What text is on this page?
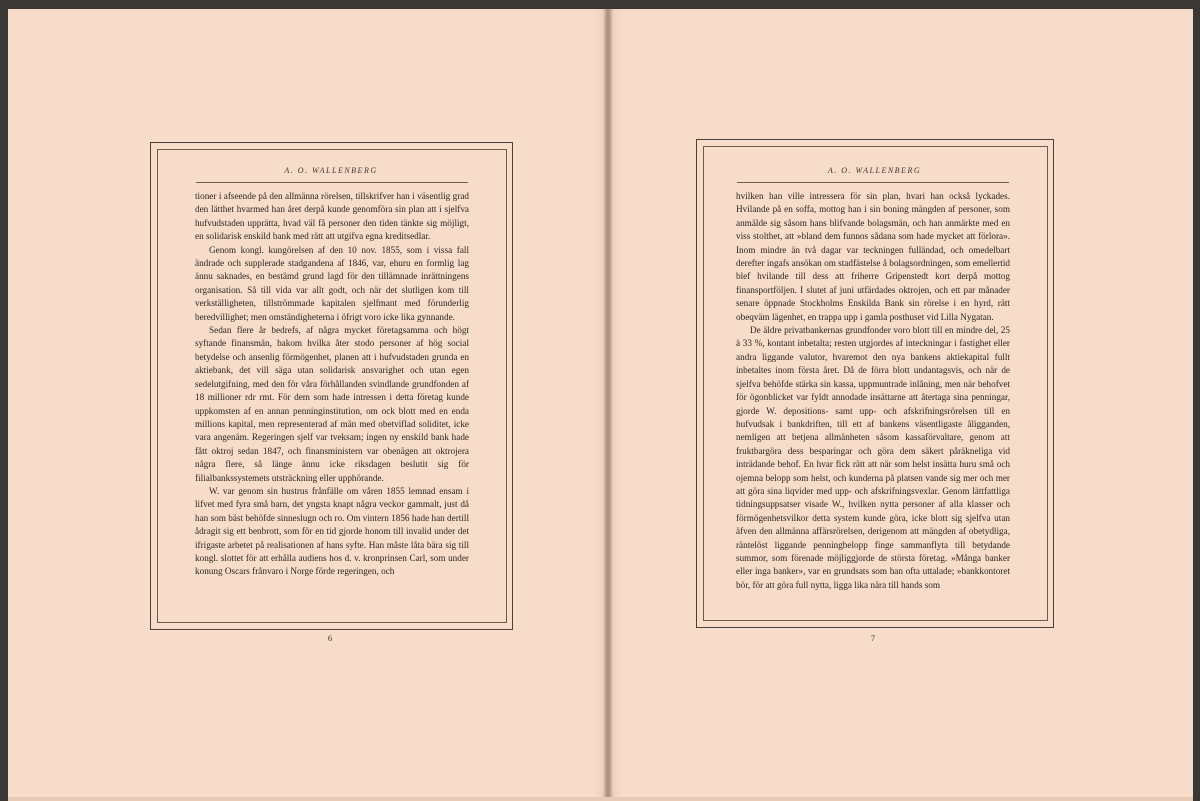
A. O. WALLENBERG

tioner i afseende på den allmänna rörelsen, tillskrifver han i väsentlig grad den lätthet hvarmed han året derpå kunde genomföra sin plan att i sjelfva hufvudstaden upprätta, hvad väl få personer den tiden tänkte sig möjligt, en solidarisk enskild bank med rätt att utgifva egna kreditsedlar.

Genom kongl. kungörelsen af den 10 nov. 1855, som i vissa fall ändrade och supplerade stadgandena af 1846, var, ehuru en formlig lag ännu saknades, en bestämd grund lagd för den tillämnade inrättningens organisation. Så till vida var allt godt, och när det slutligen kom till verkställigheten, tillströmmade kapitalen sjelfmant med förunderlig beredvillighet; men omständigheterna i öfrigt voro icke lika gynnande.

Sedan flere år bedrefs, af några mycket företagsamma och högt syftande finansmän, bakom hvilka åter stodo personer af hög social betydelse och ansenlig förmögenhet, planen att i hufvudstaden grunda en aktiebank, det vill säga utan solidarisk ansvarighet och utan egen sedelutgifning, med den för våra förhållanden svindlande grundfonden af 18 millioner rdr rmt. För dem som hade intressen i detta företag kunde uppkomsten af en annan penninginstitution, om ock blott med en enda millions kapital, men representerad af män med obetviflad soliditet, icke vara angenäm. Regeringen sjelf var tveksam; ingen ny enskild bank hade fått oktroj sedan 1847, och finansministern var obenägen att oktrojera några flere, så länge ännu icke riksdagen beslutit sig för filialbankssystemets utsträckning eller upphörande.

W. var genom sin hustrus frånfälle om våren 1855 lemnad ensam i lifvet med fyra små barn, det yngsta knapt några veckor gammalt, just då han som bäst behöfde sinneslugn och ro. Om vintern 1856 hade han dertill ådragit sig ett benbrott, som för en tid gjorde honom till invalid under det ifrigaste arbetet på realisationen af hans syfte. Han måste låta bära sig till kongl. slottet för att erhålla audiens hos d. v. kronprinsen Carl, som under konung Oscars frånvaro i Norge förde regeringen, och

6
A. O. WALLENBERG

hvilken han ville intressera för sin plan, hvari han också lyckades. Hvilande på en soffa, mottog han i sin boning mängden af personer, som anmälde sig såsom hans blifvande bolagsmän, och han anmärkte med en viss stolthet, att »bland dem funnos sådana som hade mycket att förlora». Inom mindre än två dagar var teckningen fulländad, och omedelbart derefter ingafs ansökan om stadfästelse å bolagsordningen, som emellertid blef hvilande till dess att friherre Gripenstedt kort derpå mottog finansportföljen. I slutet af juni utfärdades oktrojen, och ett par månader senare öppnade Stockholms Enskilda Bank sin rörelse i en hyrd, rätt obeqväm lägenhet, en trappa upp i gamla posthuset vid Lilla Nygatan.

De äldre privatbankernas grundfonder voro blott till en mindre del, 25 à 33 %, kontant inbetalta; resten utgjordes af inteckningar i fastighet eller andra liggande valutor, hvaremot den nya bankens aktiekapital fullt inbetaltes inom första året. Då de förra blott undantagsvis, och när de sjelfva behöfde stärka sin kassa, uppmuntrade inlåning, men när behofvet för ögonblicket var fyldt annodade insättarne att återtaga sina penningar, gjorde W. depositions- samt upp- och afskrifningsrörelsen till en hufvudsak i bankdriften, till ett af bankens väsentligaste åligganden, nemligen att betjena allmänheten såsom kassaförvaltare, genom att fruktbargöra dess besparingar och göra dem säkert påräkneliga vid inträdande behof. En hvar fick rätt att när som helst insätta huru små och ojemna belopp som helst, och kunderna på platsen vande sig mer och mer att göra sina liqvider med upp- och afskrifningsvexlar. Genom lättfattliga tidningsuppsatser visade W., hvilken nytta personer af alla klasser och förmögenhetsvilkor detta system kunde göra, icke blott sig sjelfva utan äfven den allmänna affärsrörelsen, derigenom att mängden af obetydliga, räntelöst liggande penningbelopp finge sammanflyta till betydande summor, som förenade möjliggjorde de största företag. »Många banker eller inga banker», var en grundsats som han ofta uttalade; »bankkontoret bör, för att göra full nytta, ligga lika nära till hands som

7
